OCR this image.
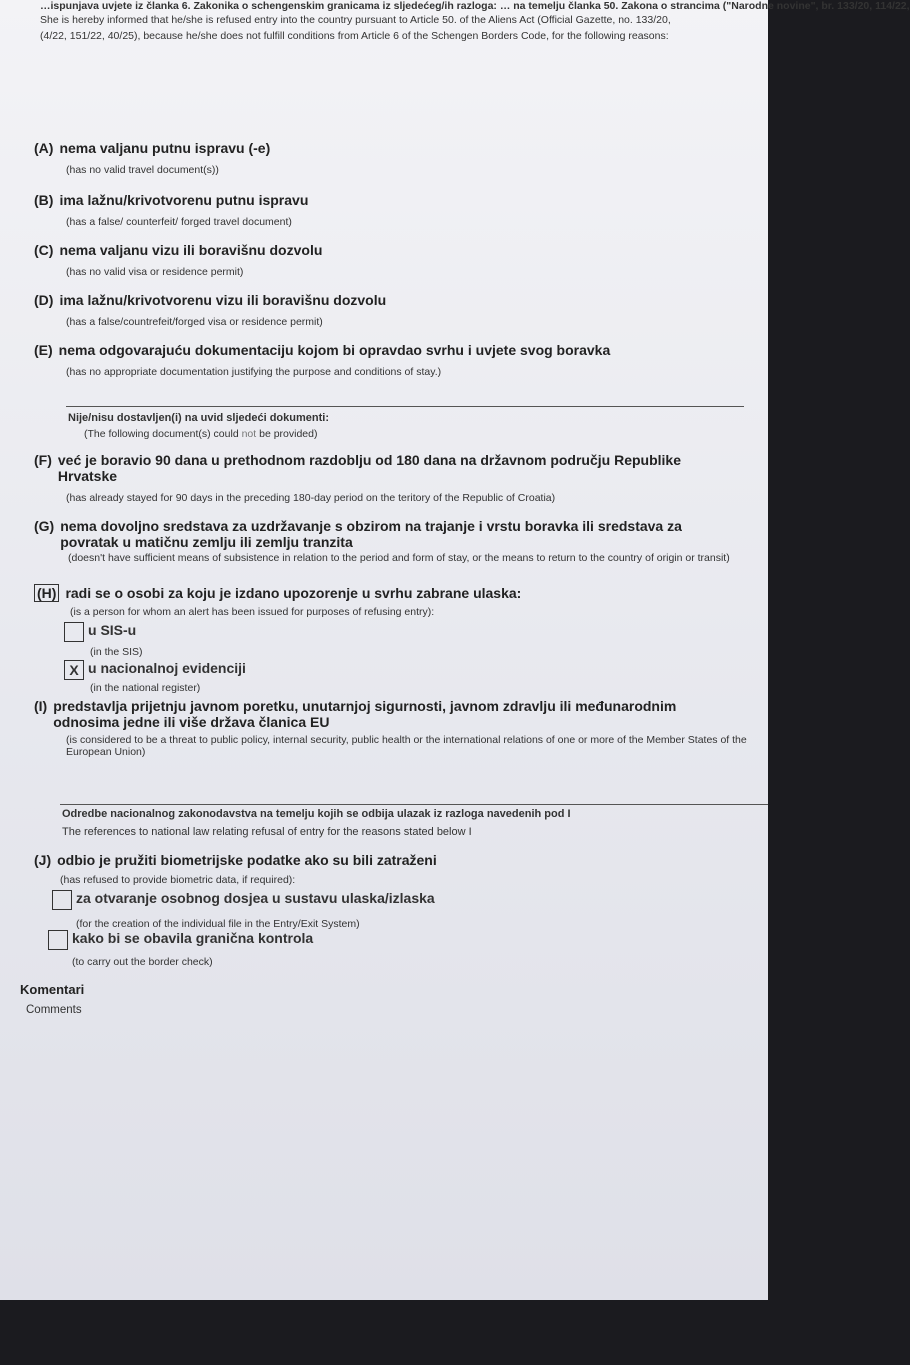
…ispunjava uvjete iz članka 6. Zakonika o schengenskim granicama iz sljedećeg/ih razloga: … na temelju članka 50. Zakona o strancima ("Narodne novine", br. 133/20, 114/22,
She is hereby informed that he/she is refused entry into the country pursuant to Article 50. of the Aliens Act (Official Gazette, no. 133/20,
(4/22, 151/22, 40/25), because he/she does not fulfill conditions from Article 6 of the Schengen Borders Code, for the following reasons:
(A) nema valjanu putnu ispravu (-e)
(has no valid travel document(s))
(B) ima lažnu/krivotvorenu putnu ispravu
(has a false/ counterfeit/ forged travel document)
(C) nema valjanu vizu ili boravišnu dozvolu
(has no valid visa or residence permit)
(D) ima lažnu/krivotvorenu vizu ili boravišnu dozvolu
(has a false/countrefeit/forged visa or residence permit)
(E) nema odgovarajuću dokumentaciju kojom bi opravdao svrhu i uvjete svog boravka
(has no appropriate documentation justifying the purpose and conditions of stay.)
Nije/nisu dostavljen(i) na uvid sljedeći dokumenti:
(The following document(s) could not be provided)
(F) već je boravio 90 dana u prethodnom razdoblju od 180 dana na državnom području Republike Hrvatske
(has already stayed for 90 days in the preceding 180-day period on the teritory of the Republic of Croatia)
(G) nema dovoljno sredstava za uzdržavanje s obzirom na trajanje i vrstu boravka ili sredstava za povratak u matičnu zemlju ili zemlju tranzita
(doesn't have sufficient means of subsistence in relation to the period and form of stay, or the means to return to the country of origin or transit)
(H) radi se o osobi za koju je izdano upozorenje u svrhu zabrane ulaska:
(is a person for whom an alert has been issued for purposes of refusing entry):
u SIS-u
(in the SIS)
X u nacionalnoj evidenciji
(in the national register)
(I) predstavlja prijetnju javnom poretku, unutarnjoj sigurnosti, javnom zdravlju ili međunarodnim odnosima jedne ili više država članica EU
(is considered to be a threat to public policy, internal security, public health or the international relations of one or more of the Member States of the European Union)
Odredbe nacionalnog zakonodavstva na temelju kojih se odbija ulazak iz razloga navedenih pod I
The references to national law relating refusal of entry for the reasons stated below I
(J) odbio je pružiti biometrijske podatke ako su bili zatraženi
(has refused to provide biometric data, if required):
za otvaranje osobnog dosjea u sustavu ulaska/izlaska
(for the creation of the individual file in the Entry/Exit System)
kako bi se obavila granična kontrola
(to carry out the border check)
Komentari
Comments
